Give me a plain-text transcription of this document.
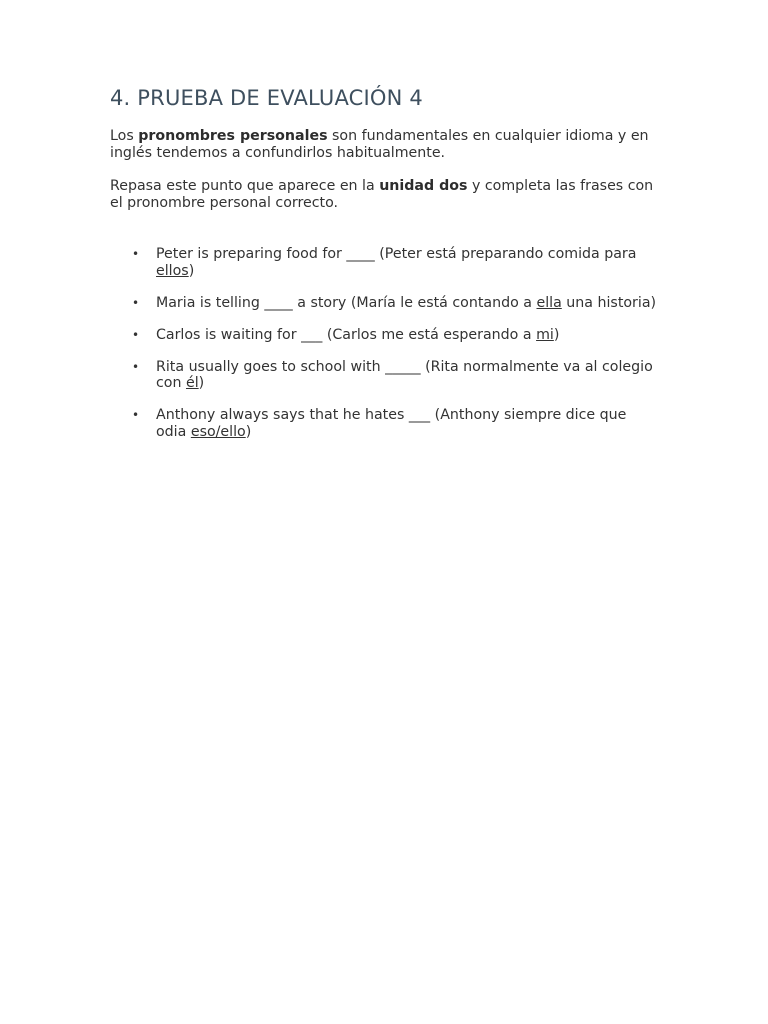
4. PRUEBA DE EVALUACIÓN 4

Los pronombres personales son fundamentales en cualquier idioma y en inglés tendemos a confundirlos habitualmente.

Repasa este punto que aparece en la unidad dos y completa las frases con el pronombre personal correcto.

• Peter is preparing food for ____ (Peter está preparando comida para ellos)
• Maria is telling ____ a story (María le está contando a ella una historia)
• Carlos is waiting for ___ (Carlos me está esperando a mi)
• Rita usually goes to school with _____ (Rita normalmente va al colegio con él)
• Anthony always says that he hates ___ (Anthony siempre dice que odia eso/ello)
